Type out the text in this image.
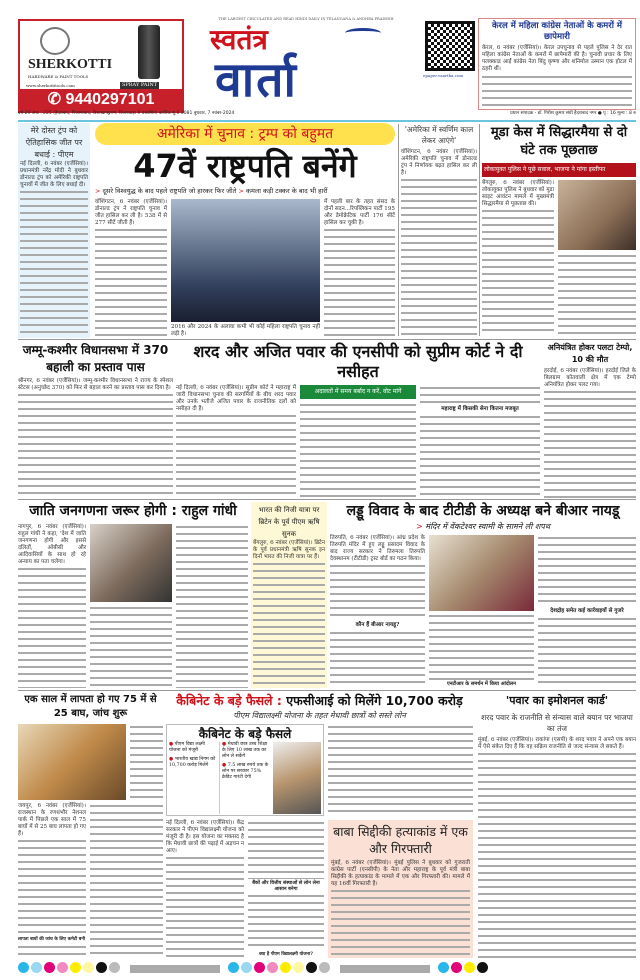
SHERKOTTI
HARDWARE & PAINT TOOLS
www.sherkottitools.com	SPRAY PAINT
✆ 9440297101
THE LARGEST CIRCULATED AND READ HINDI DAILY IN TELANGANA & ANDHRA PRADESH
स्वतंत्र
वार्ता	epaper.vaartha.com
केरल में महिला कांग्रेस नेताओं के कमरों में छापेमारी
केरल, 6 नवंबर (एजेंसियां)। केरल उपचुनाव से पहले पुलिस ने देर रात महिला कांग्रेस नेताओं के कमरों में छापेमारी की है। चुनावी प्रचार के लिए पलक्काड आईं कांग्रेस नेता बिंदु कृष्णा और शनिमोल उस्मान एक होटल में ठहरी थीं।
वर्ष-29 अंक : 225 (हैदराबाद, निजामाबाद, विशाखापट्टणम, विजयवाड़ा से प्रकाशित) कार्तिक शु.6 2081 बुधवार, 7 नवंबर-2024	प्रधान संपादक - डॉ. गिरीश कुमार संघी हैदराबाद नगर ● पृ : 16 मूल्य : 8 रु
मेरे दोस्त ट्रंप को ऐतिहासिक जीत पर बधाई : पीएम
नई दिल्ली, 6 नवंबर (एजेंसियां)। प्रधानमंत्री नरेंद्र मोदी ने बुधवार डोनाल्ड ट्रंप को अमेरिकी राष्ट्रपति चुनावों में जीत के लिए बधाई दी।
अमेरिका में चुनाव : ट्रम्प को बहुमत
47वें राष्ट्रपति बनेंगे
> दूसरे विश्वयुद्ध के बाद पहले राष्ट्रपति जो हारकर फिर जीते > कमला कड़ी टक्कर के बाद भी हारीं
वॉशिंगटन, 6 नवंबर (एजेंसियां)। डोनाल्ड ट्रंप ने राष्ट्रपति चुनाव में जीत हासिल कर ली है। 538 में से 277 सीटें जीती हैं।
2016 और 2024 के अलावा कभी भी कोई महिला राष्ट्रपति चुनाव नहीं लड़ी है।
में पहली बार के तहत संसद के दोनों सदन...रिपब्लिकन पार्टी 195 और डेमोक्रेटिक पार्टी 176 सीटें हासिल कर चुकी है।
'अमेरिका में स्वर्णिम काल लेकर आएंगे'
वॉशिंगटन, 6 नवंबर (एजेंसियां)। अमेरिकी राष्ट्रपति चुनाव में डोनाल्ड ट्रंप ने निर्णायक बढ़त हासिल कर ली है।
मूडा केस में सिद्धारमैया से दो घंटे तक पूछताछ
लोकायुक्त पुलिस ने पूछे सवाल, भाजपा ने मांगा इस्तीफा
बेंगलुरु, 6 नवंबर (एजेंसियां)। लोकायुक्त पुलिस ने बुधवार को मूडा साइट आवंटन मामले में मुख्यमंत्री सिद्धारमैया से पूछताछ की।
जम्मू-कश्मीर विधानसभा में 370 बहाली का प्रस्ताव पास
श्रीनगर, 6 नवंबर (एजेंसियां)। जम्मू-कश्मीर विधानसभा ने राज्य के स्पेशल स्टेटस (अनुच्छेद 370) को फिर से बहाल करने का प्रस्ताव पास कर दिया है।
शरद और अजित पवार की एनसीपी को सुप्रीम कोर्ट ने दी नसीहत
नई दिल्ली, 6 नवंबर (एजेंसियां)। सुप्रीम कोर्ट ने महाराष्ट्र में जारी विधानसभा चुनाव की सरगर्मियों के बीच शरद पवार और उनके भतीजे अजित पवार के राजनीतिक दलों को नसीहत दी है।
अदालतों में समय बर्बाद न करें, वोट मांगें
महाराष्ट्र में किसकी सेना कितना मजबूत
अनियंत्रित होकर पलटा टेम्पो, 10 की मौत
हरदोई, 6 नवंबर (एजेंसियां)। हरदोई जिले के बिलग्राम कोतवाली क्षेत्र में एक टेम्पो अनियंत्रित होकर पलट गया।
जाति जनगणना जरूर होगी : राहुल गांधी
नागपुर, 6 नवंबर (एजेंसियां)। राहुल गांधी ने कहा, 'देश में जाति जनगणना होगी और इससे दलितों, ओबीसी और आदिवासियों के साथ हो रहे अन्याय का पता चलेगा।
भारत की निजी यात्रा पर ब्रिटेन के पूर्व पीएम ऋषि सुनक
बेंगलुरु, 6 नवंबर (एजेंसियां)। ब्रिटेन के पूर्व प्रधानमंत्री ऋषि सुनक इन दिनों भारत की निजी यात्रा पर हैं।
लड्डू विवाद के बाद टीटीडी के अध्यक्ष बने बीआर नायडू
> मंदिर में वेंकटेश्वर स्वामी के सामने ली शपथ
तिरुपति, 6 नवंबर (एजेंसियां)। आंध्र प्रदेश के तिरुपति मंदिर में हुए लड्डू प्रसादम विवाद के बाद राज्य सरकार ने तिरुमला तिरुपति देवस्थानम (टीटीडी) ट्रस्ट बोर्ड का गठन किया।
कौन हैं बीआर नायडू?
एनटीआर के समर्थन में किया आंदोलन
देशद्रोह समेत कई कार्रवाइयों से गुजरे
एक साल में लापता हो गए 75 में से 25 बाघ, जांच शुरू
जयपुर, 6 नवंबर (एजेंसियां)। राजस्थान के रणथंभौर नेशनल पार्क में पिछले एक साल में 75 बाघों में से 25 बाघ लापता हो गए हैं।
लापता बाघों की जांच के लिए कमेटी बनी
कैबिनेट के बड़े फैसले : एफसीआई को मिलेंगे 10,700 करोड़
पीएम विद्यालक्ष्मी योजना के तहत मेधावी छात्रों को सस्ते लोन
कैबिनेट के बड़े फैसले
● पीएम विद्या लक्ष्मी योजना को मंजूरी
● भारतीय खाद्य निगम को 10,700 करोड़ मिलेंगे
● मेधावी छात्र उच्च शिक्षा के लिए 10 लाख तक का लोन ले सकेंगे
● 7.5 लाख रुपये तक के लोन पर सरकार 75% क्रेडिट गारंटी देगी
नई दिल्ली, 6 नवंबर (एजेंसियां)। केंद्र सरकार ने पीएम विद्यालक्ष्मी योजना को मंजूरी दी है। इस योजना का मकसद है कि मेधावी छात्रों की पढ़ाई में अड़चन न आए।
बैंकों और वित्तीय संस्थाओं से लोन लेना आसान बनेगा
क्या है पीएम विद्यालक्ष्मी योजना?
बाबा सिद्दीकी हत्याकांड में एक और गिरफ्तारी
मुंबई, 6 नवंबर (एजेंसियां)। मुंबई पुलिस ने बुधवार को गुजराती कांग्रेस पार्टी (एनसीपी) के नेता और महाराष्ट्र के पूर्व मंत्री बाबा सिद्दीकी के हत्याकांड के मामले में एक और गिरफ्तारी की। मामले में यह 16वीं गिरफ्तारी है।
'पवार का इमोशनल कार्ड'
शरद पवार के राजनीति से संन्यास वाले बयान पर भाजपा का तंज
मुंबई, 6 नवंबर (एजेंसियां)। राकांपा (एसपी) के शरद पवार ने अपने एक बयान में ऐसे संकेत दिए हैं कि वह सक्रिय राजनीति से जल्द संन्यास ले सकते हैं।
